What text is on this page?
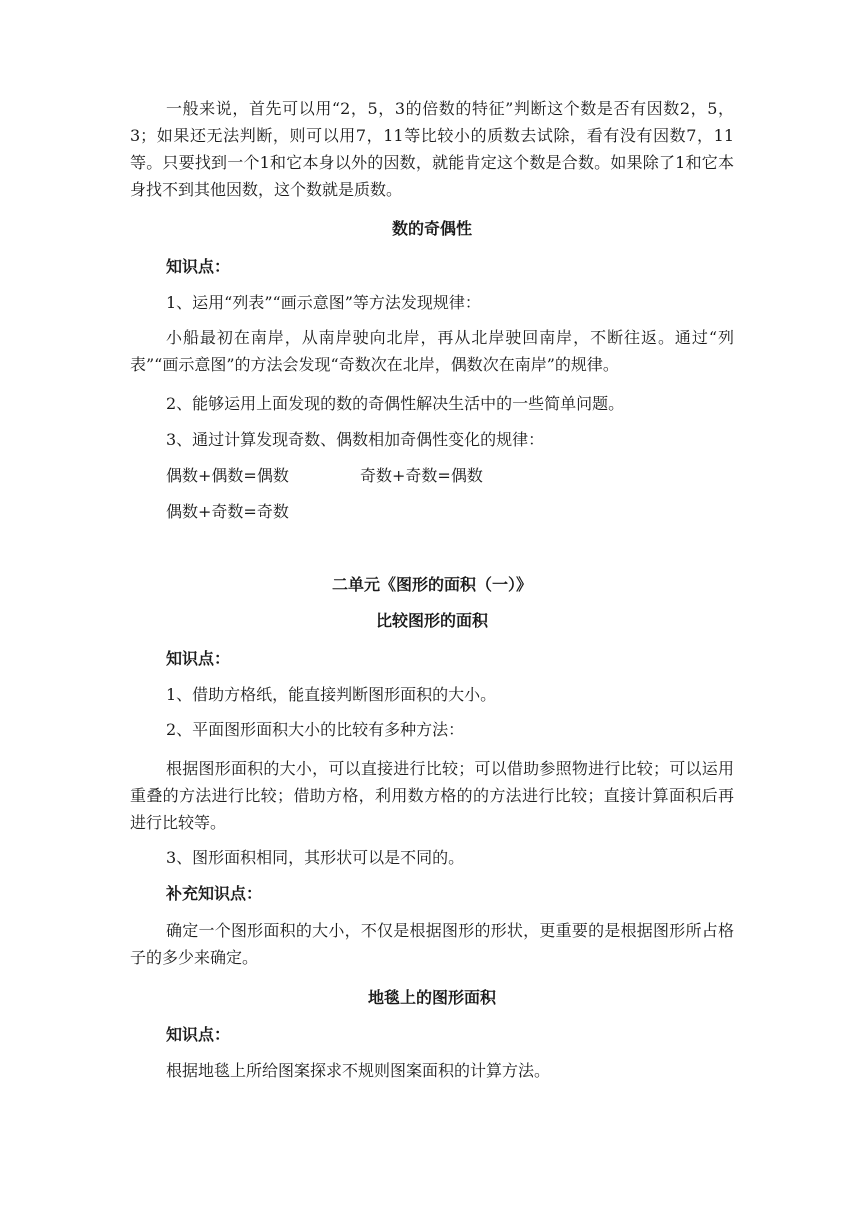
一般来说，首先可以用“2，5，3的倍数的特征”判断这个数是否有因数2，5，3；如果还无法判断，则可以用7，11等比较小的质数去试除，看有没有因数7，11等。只要找到一个1和它本身以外的因数，就能肯定这个数是合数。如果除了1和它本身找不到其他因数，这个数就是质数。

数的奇偶性

知识点：

1、运用“列表”“画示意图”等方法发现规律：

小船最初在南岸，从南岸驶向北岸，再从北岸驶回南岸，不断往返。通过“列表”“画示意图”的方法会发现“奇数次在北岸，偶数次在南岸”的规律。

2、能够运用上面发现的数的奇偶性解决生活中的一些简单问题。

3、通过计算发现奇数、偶数相加奇偶性变化的规律：

偶数+偶数=偶数	奇数+奇数=偶数
偶数+奇数=奇数

二单元《图形的面积（一）》

比较图形的面积

知识点：

1、借助方格纸，能直接判断图形面积的大小。

2、平面图形面积大小的比较有多种方法：

根据图形面积的大小，可以直接进行比较；可以借助参照物进行比较；可以运用重叠的方法进行比较；借助方格，利用数方格的的方法进行比较；直接计算面积后再进行比较等。

3、图形面积相同，其形状可以是不同的。

补充知识点：

确定一个图形面积的大小，不仅是根据图形的形状，更重要的是根据图形所占格子的多少来确定。

地毯上的图形面积

知识点：

根据地毯上所给图案探求不规则图案面积的计算方法。
